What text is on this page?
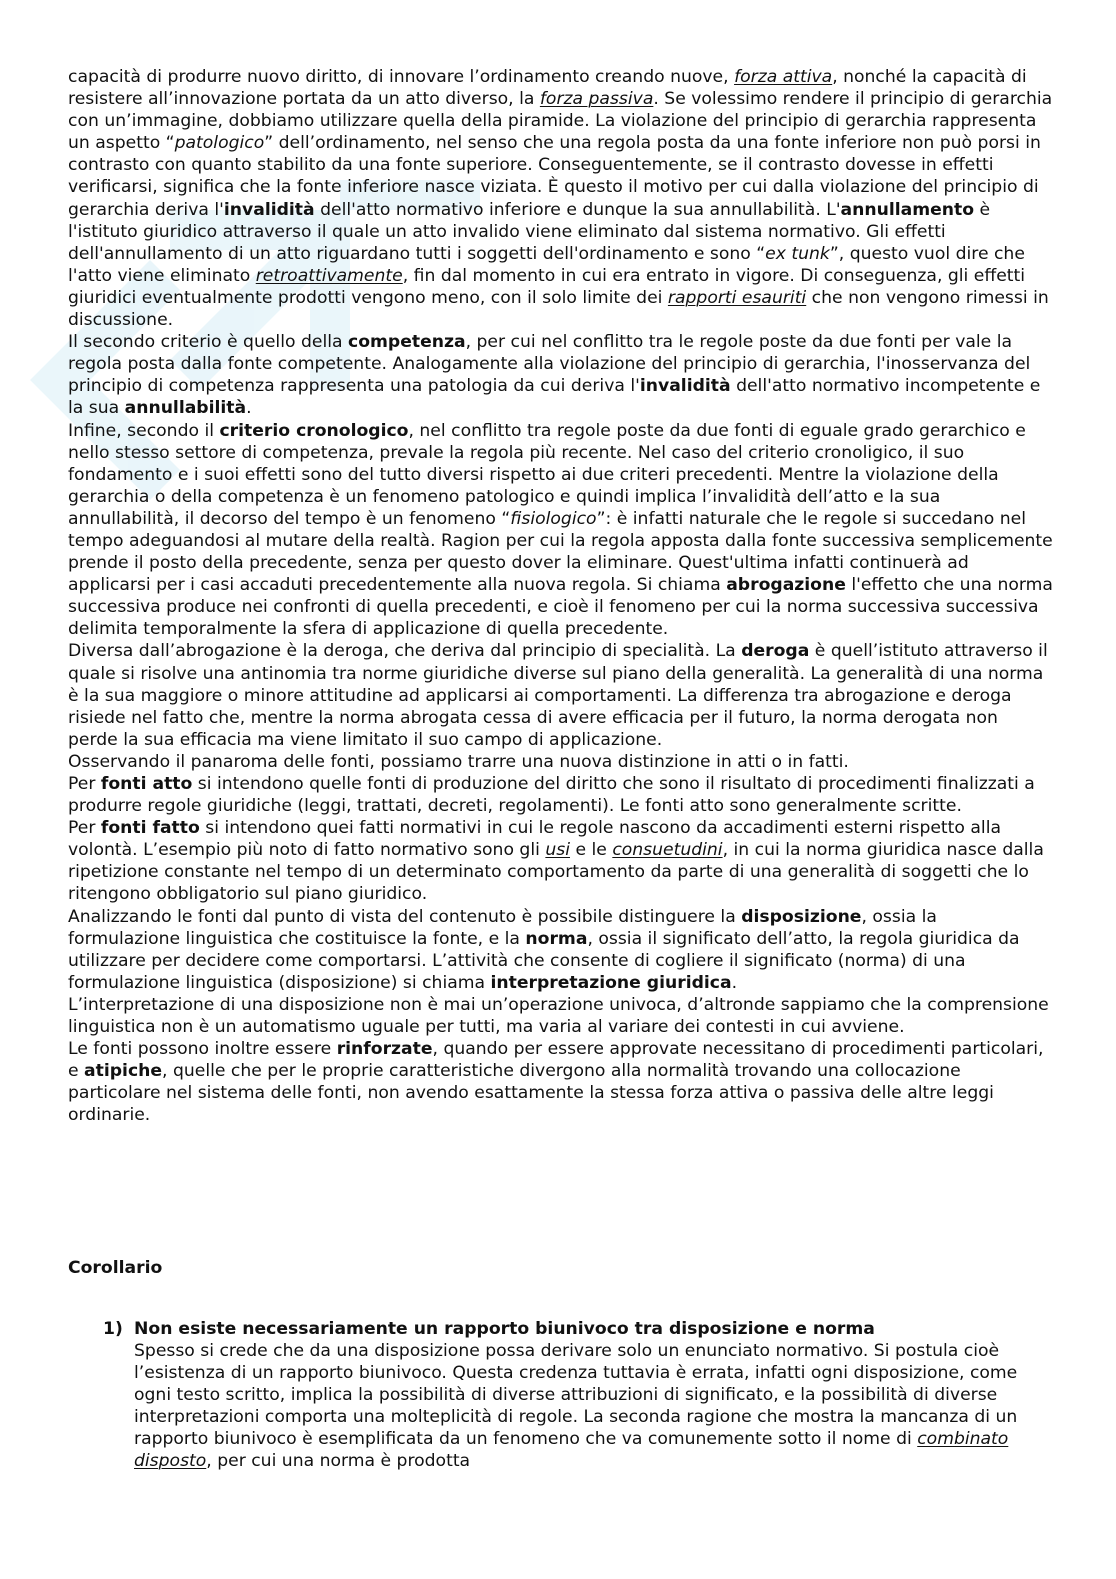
capacità di produrre nuovo diritto, di innovare l’ordinamento creando nuove, forza attiva, nonché la capacità di resistere all’innovazione portata da un atto diverso, la forza passiva. Se volessimo rendere il principio di gerarchia con un’immagine, dobbiamo utilizzare quella della piramide. La violazione del principio di gerarchia rappresenta un aspetto “patologico” dell’ordinamento, nel senso che una regola posta da una fonte inferiore non può porsi in contrasto con quanto stabilito da una fonte superiore. Conseguentemente, se il contrasto dovesse in effetti verificarsi, significa che la fonte inferiore nasce viziata. È questo il motivo per cui dalla violazione del principio di gerarchia deriva l'invalidità dell'atto normativo inferiore e dunque la sua annullabilità. L'annullamento è l'istituto giuridico attraverso il quale un atto invalido viene eliminato dal sistema normativo. Gli effetti dell'annullamento di un atto riguardano tutti i soggetti dell'ordinamento e sono “ex tunk”, questo vuol dire che l'atto viene eliminato retroattivamente, fin dal momento in cui era entrato in vigore. Di conseguenza, gli effetti giuridici eventualmente prodotti vengono meno, con il solo limite dei rapporti esauriti che non vengono rimessi in discussione.

Il secondo criterio è quello della competenza, per cui nel conflitto tra le regole poste da due fonti per vale la regola posta dalla fonte competente. Analogamente alla violazione del principio di gerarchia, l'inosservanza del principio di competenza rappresenta una patologia da cui deriva l'invalidità dell'atto normativo incompetente e la sua annullabilità.

Infine, secondo il criterio cronologico, nel conflitto tra regole poste da due fonti di eguale grado gerarchico e nello stesso settore di competenza, prevale la regola più recente. Nel caso del criterio cronoligico, il suo fondamento e i suoi effetti sono del tutto diversi rispetto ai due criteri precedenti. Mentre la violazione della gerarchia o della competenza è un fenomeno patologico e quindi implica l’invalidità dell’atto e la sua annullabilità, il decorso del tempo è un fenomeno “fisiologico”: è infatti naturale che le regole si succedano nel tempo adeguandosi al mutare della realtà. Ragion per cui la regola apposta dalla fonte successiva semplicemente prende il posto della precedente, senza per questo dover la eliminare. Quest'ultima infatti continuerà ad applicarsi per i casi accaduti precedentemente alla nuova regola. Si chiama abrogazione l'effetto che una norma successiva produce nei confronti di quella precedenti, e cioè il fenomeno per cui la norma successiva successiva delimita temporalmente la sfera di applicazione di quella precedente.

Diversa dall’abrogazione è la deroga, che deriva dal principio di specialità. La deroga è quell’istituto attraverso il quale si risolve una antinomia tra norme giuridiche diverse sul piano della generalità. La generalità di una norma è la sua maggiore o minore attitudine ad applicarsi ai comportamenti. La differenza tra abrogazione e deroga risiede nel fatto che, mentre la norma abrogata cessa di avere efficacia per il futuro, la norma derogata non perde la sua efficacia ma viene limitato il suo campo di applicazione.

Osservando il panaroma delle fonti, possiamo trarre una nuova distinzione in atti o in fatti.

Per fonti atto si intendono quelle fonti di produzione del diritto che sono il risultato di procedimenti finalizzati a produrre regole giuridiche (leggi, trattati, decreti, regolamenti). Le fonti atto sono generalmente scritte.

Per fonti fatto si intendono quei fatti normativi in cui le regole nascono da accadimenti esterni rispetto alla volontà. L’esempio più noto di fatto normativo sono gli usi e le consuetudini, in cui la norma giuridica nasce dalla ripetizione constante nel tempo di un determinato comportamento da parte di una generalità di soggetti che lo ritengono obbligatorio sul piano giuridico.

Analizzando le fonti dal punto di vista del contenuto è possibile distinguere la disposizione, ossia la formulazione linguistica che costituisce la fonte, e la norma, ossia il significato dell’atto, la regola giuridica da utilizzare per decidere come comportarsi. L’attività che consente di cogliere il significato (norma) di una formulazione linguistica (disposizione) si chiama interpretazione giuridica.

L’interpretazione di una disposizione non è mai un’operazione univoca, d’altronde sappiamo che la comprensione linguistica non è un automatismo uguale per tutti, ma varia al variare dei contesti in cui avviene.

Le fonti possono inoltre essere rinforzate, quando per essere approvate necessitano di procedimenti particolari, e atipiche, quelle che per le proprie caratteristiche divergono alla normalità trovando una collocazione particolare nel sistema delle fonti, non avendo esattamente la stessa forza attiva o passiva delle altre leggi ordinarie.

Corollario
1) Non esiste necessariamente un rapporto biunivoco tra disposizione e norma
Spesso si crede che da una disposizione possa derivare solo un enunciato normativo. Si postula cioè l’esistenza di un rapporto biunivoco. Questa credenza tuttavia è errata, infatti ogni disposizione, come ogni testo scritto, implica la possibilità di diverse attribuzioni di significato, e la possibilità di diverse interpretazioni comporta una molteplicità di regole. La seconda ragione che mostra la mancanza di un rapporto biunivoco è esemplificata da un fenomeno che va comunemente sotto il nome di combinato disposto, per cui una norma è prodotta
